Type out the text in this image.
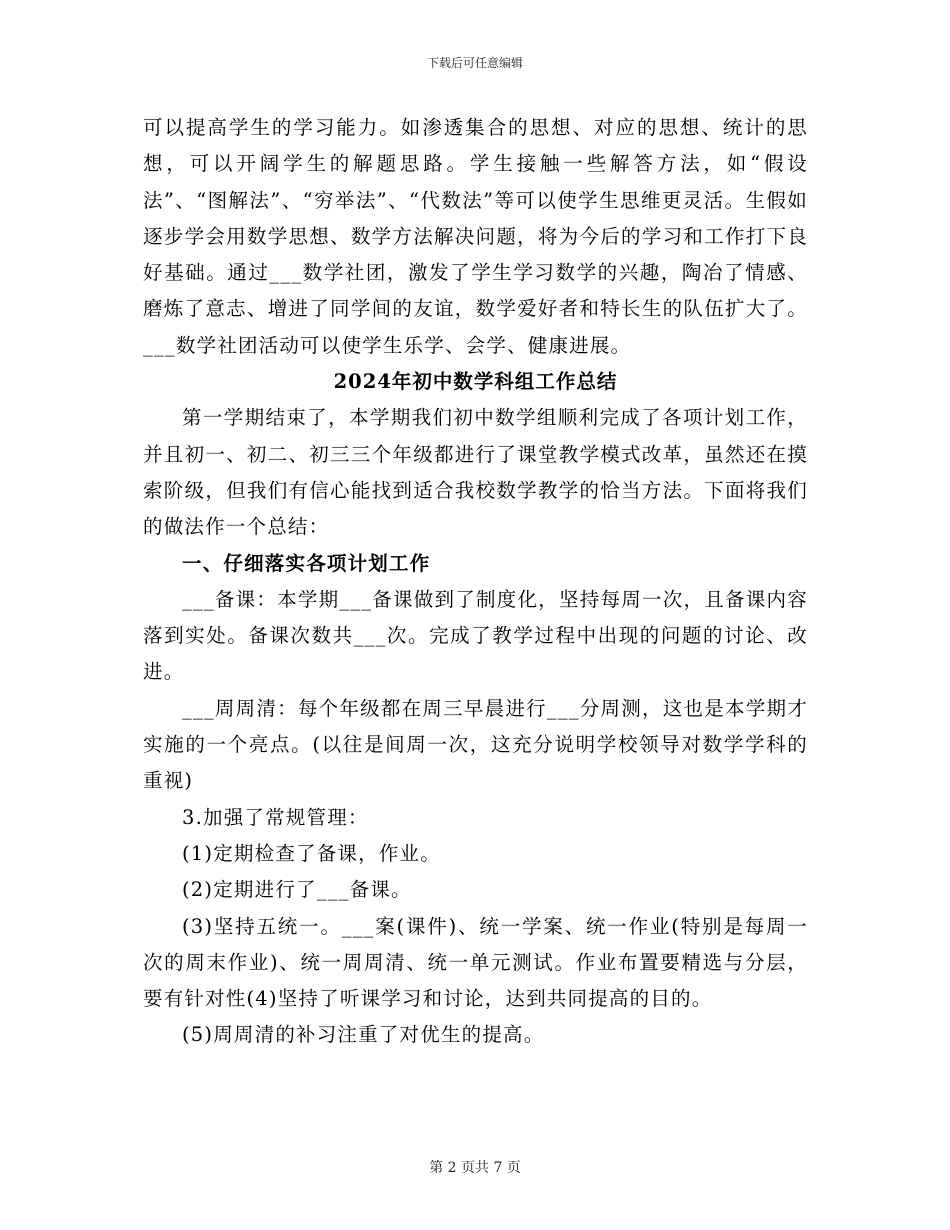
下载后可任意编辑

可以提高学生的学习能力。如渗透集合的思想、对应的思想、统计的思想，可以开阔学生的解题思路。学生接触一些解答方法，如“假设法”、“图解法”、“穷举法”、“代数法”等可以使学生思维更灵活。生假如逐步学会用数学思想、数学方法解决问题，将为今后的学习和工作打下良好基础。通过___数学社团，激发了学生学习数学的兴趣，陶冶了情感、磨炼了意志、增进了同学间的友谊，数学爱好者和特长生的队伍扩大了。___数学社团活动可以使学生乐学、会学、健康进展。

2024年初中数学科组工作总结

第一学期结束了，本学期我们初中数学组顺利完成了各项计划工作，并且初一、初二、初三三个年级都进行了课堂教学模式改革，虽然还在摸索阶级，但我们有信心能找到适合我校数学教学的恰当方法。下面将我们的做法作一个总结：

一、仔细落实各项计划工作

___备课：本学期___备课做到了制度化，坚持每周一次，且备课内容落到实处。备课次数共___次。完成了教学过程中出现的问题的讨论、改进。

___周周清：每个年级都在周三早晨进行___分周测，这也是本学期才实施的一个亮点。(以往是间周一次，这充分说明学校领导对数学学科的重视)

3.加强了常规管理：

(1)定期检查了备课，作业。

(2)定期进行了___备课。

(3)坚持五统一。___案(课件)、统一学案、统一作业(特别是每周一次的周末作业)、统一周周清、统一单元测试。作业布置要精选与分层，要有针对性(4)坚持了听课学习和讨论，达到共同提高的目的。

(5)周周清的补习注重了对优生的提高。

第 2 页共 7 页
